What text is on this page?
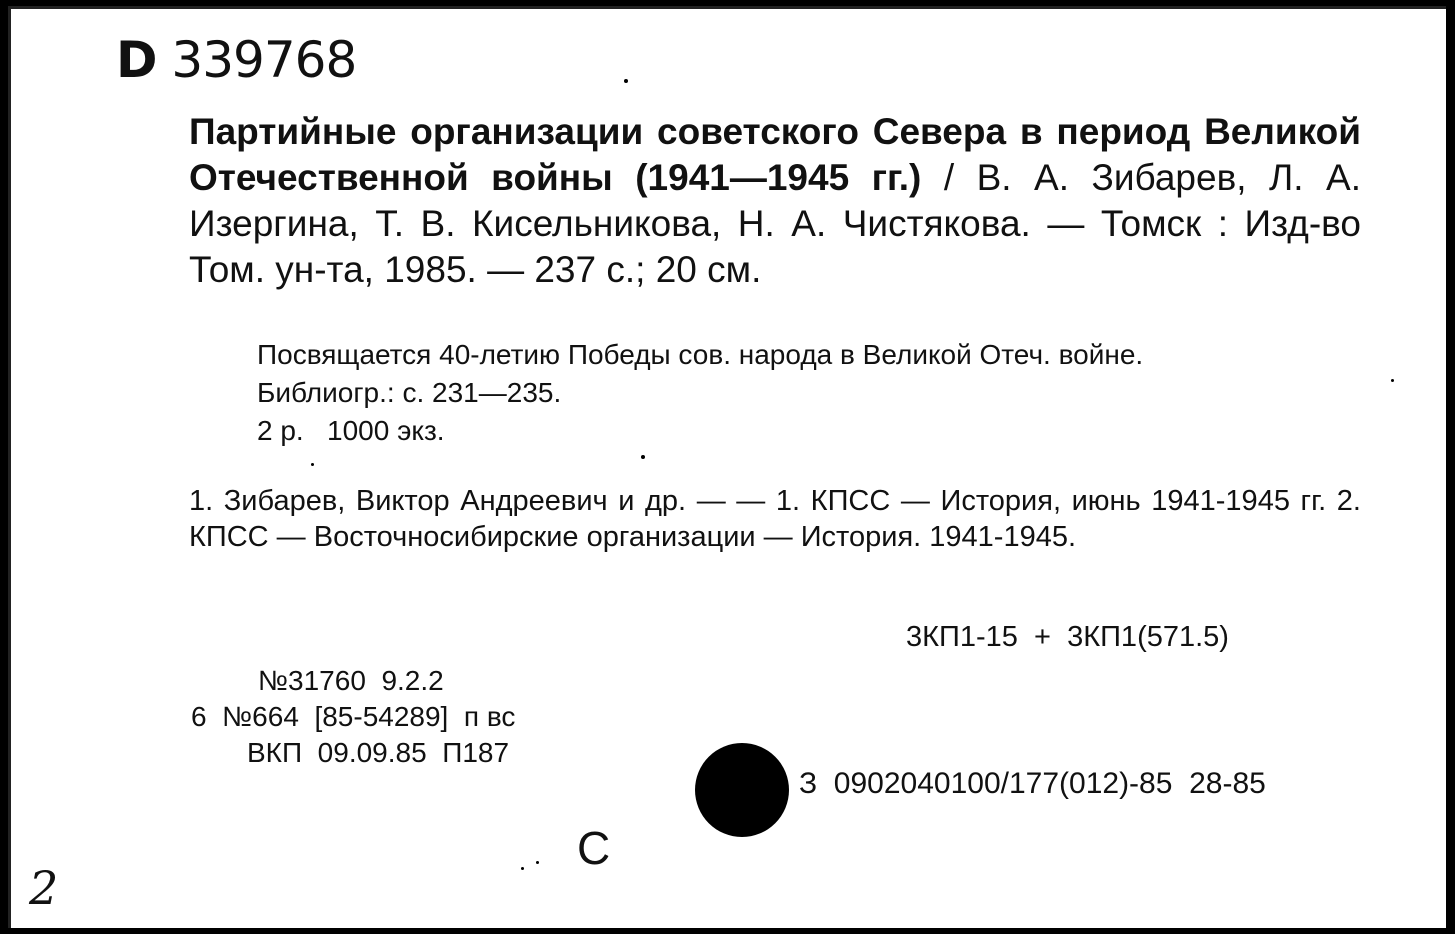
D 339768
Партийные организации советского Севера в период Великой Отечественной войны (1941—1945 гг.) / В. А. Зибарев, Л. А. Изергина, Т. В. Кисельникова, Н. А. Чистякова. — Томск : Изд-во Том. ун-та, 1985. — 237 с.; 20 см.
Посвящается 40-летию Победы сов. народа в Великой Отеч. войне.
Библиогр.: с. 231—235.
2 р.   1000 экз.
1. Зибарев, Виктор Андреевич и др. — — 1. КПСС — История, июнь 1941-1945 гг. 2. КПСС — Восточносибирские организации — История. 1941-1945.
3КП1-15  +  3КП1(571.5)
№31760  9.2.2
6  №664  [85-54289]  п вс
ВКП  09.09.85  П187
З  0902040100/177(012)-85  28-85
С
2
